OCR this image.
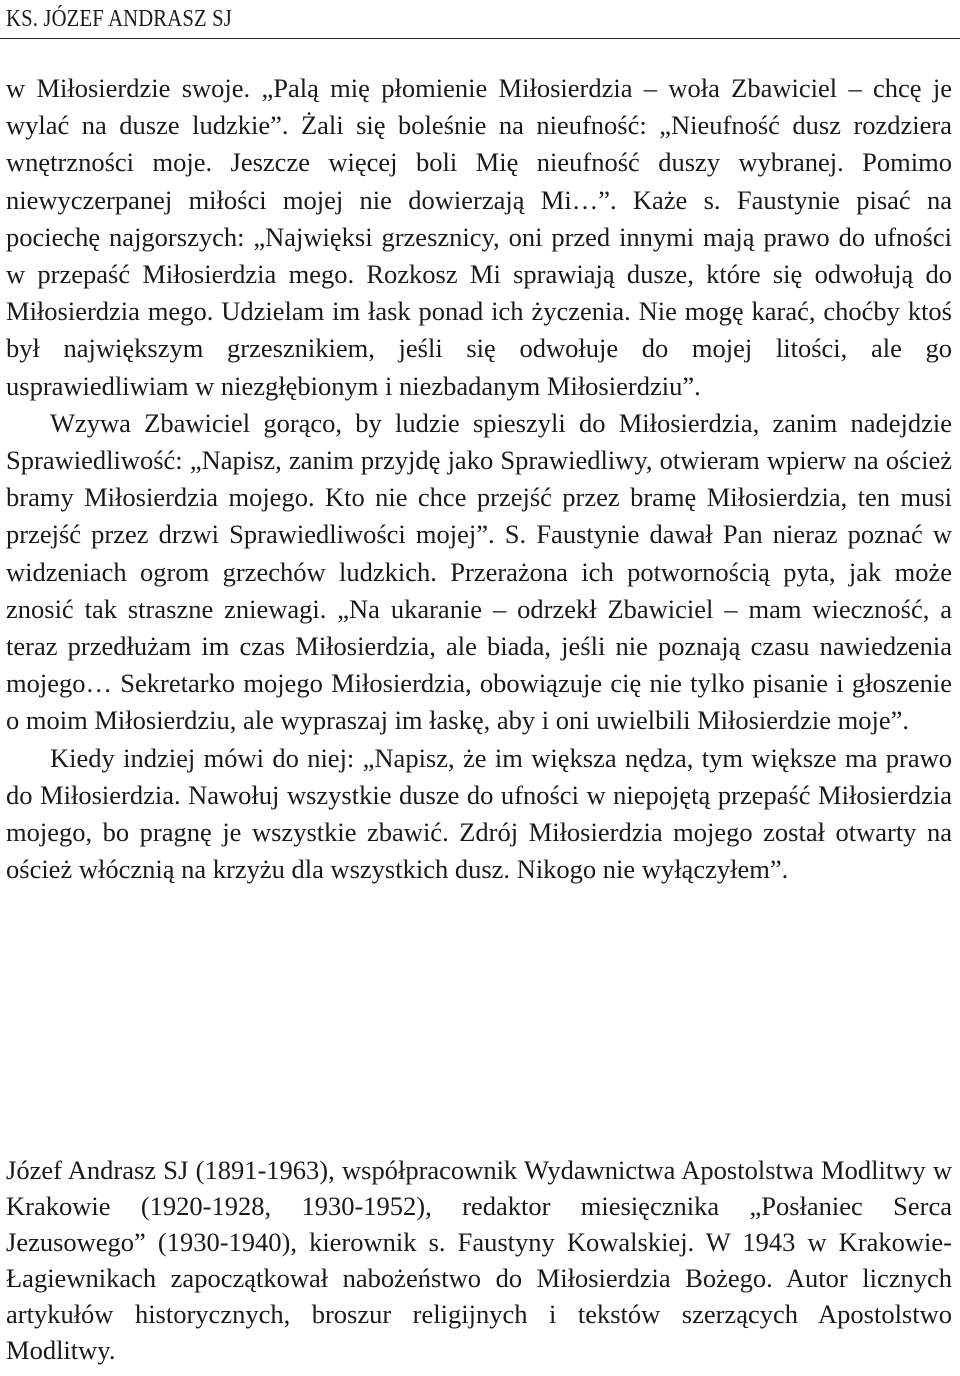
KS. JÓZEF ANDRASZ SJ

w Miłosierdzie swoje. „Palą mię płomienie Miłosierdzia – woła Zbawiciel – chcę je wylać na dusze ludzkie”. Żali się boleśnie na nieufność: „Nieufność dusz rozdziera wnętrzności moje. Jeszcze więcej boli Mię nieufność duszy wybranej. Pomimo niewyczerpanej miłości mojej nie dowierzają Mi…”. Każe s. Faustynie pisać na pociechę najgorszych: „Najwięksi grzesznicy, oni przed innymi mają prawo do ufności w przepaść Miłosierdzia mego. Rozkosz Mi sprawiają dusze, które się odwołują do Miłosierdzia mego. Udzielam im łask ponad ich życzenia. Nie mogę karać, choćby ktoś był największym grzesznikiem, jeśli się odwołuje do mojej litości, ale go usprawiedliwiam w niezgłębionym i niezbadanym Miłosierdziu”.

Wzywa Zbawiciel gorąco, by ludzie spieszyli do Miłosierdzia, zanim nadejdzie Sprawiedliwość: „Napisz, zanim przyjdę jako Sprawiedliwy, otwieram wpierw na oścież bramy Miłosierdzia mojego. Kto nie chce przejść przez bramę Miłosierdzia, ten musi przejść przez drzwi Sprawiedliwości mojej”. S. Faustynie dawał Pan nieraz poznać w widzeniach ogrom grzechów ludzkich. Przerażona ich potwornością pyta, jak może znosić tak straszne zniewagi. „Na ukaranie – odrzekł Zbawiciel – mam wieczność, a teraz przedłużam im czas Miłosierdzia, ale biada, jeśli nie poznają czasu nawiedzenia mojego… Sekretarko mojego Miłosierdzia, obowiązuje cię nie tylko pisanie i głoszenie o moim Miłosierdziu, ale wypraszaj im łaskę, aby i oni uwielbili Miłosierdzie moje”.

Kiedy indziej mówi do niej: „Napisz, że im większa nędza, tym większe ma prawo do Miłosierdzia. Nawołuj wszystkie dusze do ufności w niepojętą przepaść Miłosierdzia mojego, bo pragnę je wszystkie zbawić. Zdrój Miłosierdzia mojego został otwarty na oścież włócznią na krzyżu dla wszystkich dusz. Nikogo nie wyłączyłem”.

Józef Andrasz SJ (1891-1963), współpracownik Wydawnictwa Apostolstwa Modlitwy w Krakowie (1920-1928, 1930-1952), redaktor miesięcznika „Posłaniec Serca Jezusowego” (1930-1940), kierownik s. Faustyny Kowalskiej. W 1943 w Krakowie-Łagiewnikach zapoczątkował nabożeństwo do Miłosierdzia Bożego. Autor licznych artykułów historycznych, broszur religijnych i tekstów szerzących Apostolstwo Modlitwy.
